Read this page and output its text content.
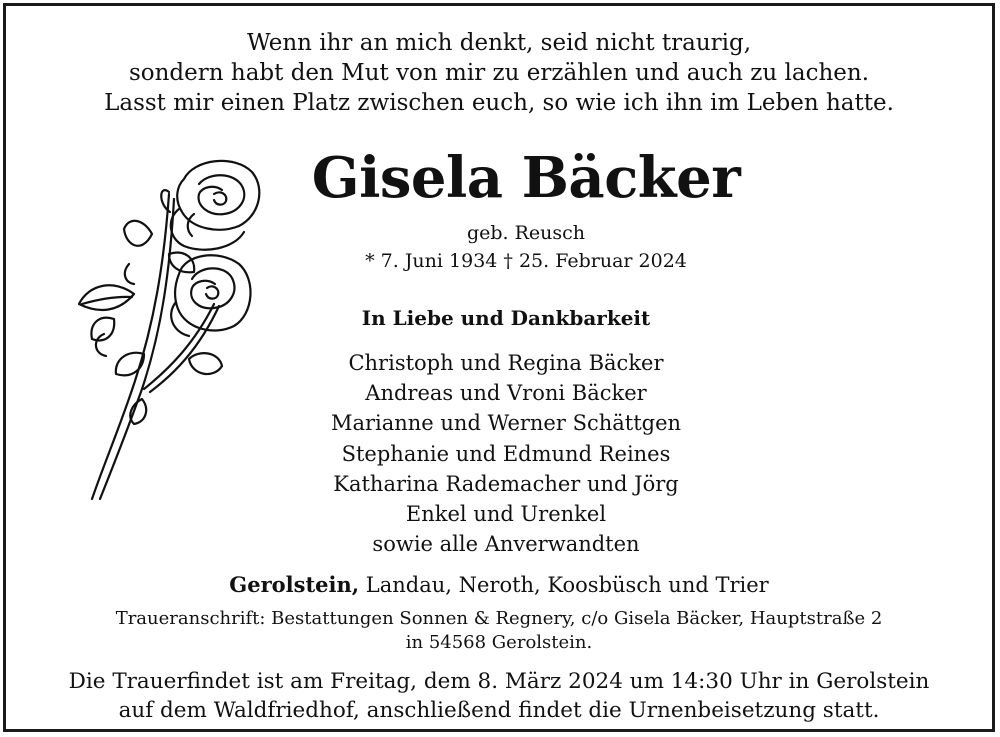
Wenn ihr an mich denkt, seid nicht traurig,
sondern habt den Mut von mir zu erzählen und auch zu lachen.
Lasst mir einen Platz zwischen euch, so wie ich ihn im Leben hatte.
Gisela Bäcker
geb. Reusch
* 7. Juni 1934 † 25. Februar 2024
In Liebe und Dankbarkeit
Christoph und Regina Bäcker
Andreas und Vroni Bäcker
Marianne und Werner Schättgen
Stephanie und Edmund Reines
Katharina Rademacher und Jörg
Enkel und Urenkel
sowie alle Anverwandten
Gerolstein, Landau, Neroth, Koosbüsch und Trier
Traueranschrift: Bestattungen Sonnen & Regnery, c/o Gisela Bäcker, Hauptstraße 2
in 54568 Gerolstein.
Die Trauerfindet ist am Freitag, dem 8. März 2024 um 14:30 Uhr in Gerolstein
auf dem Waldfriedhof, anschließend findet die Urnenbeisetzung statt.
